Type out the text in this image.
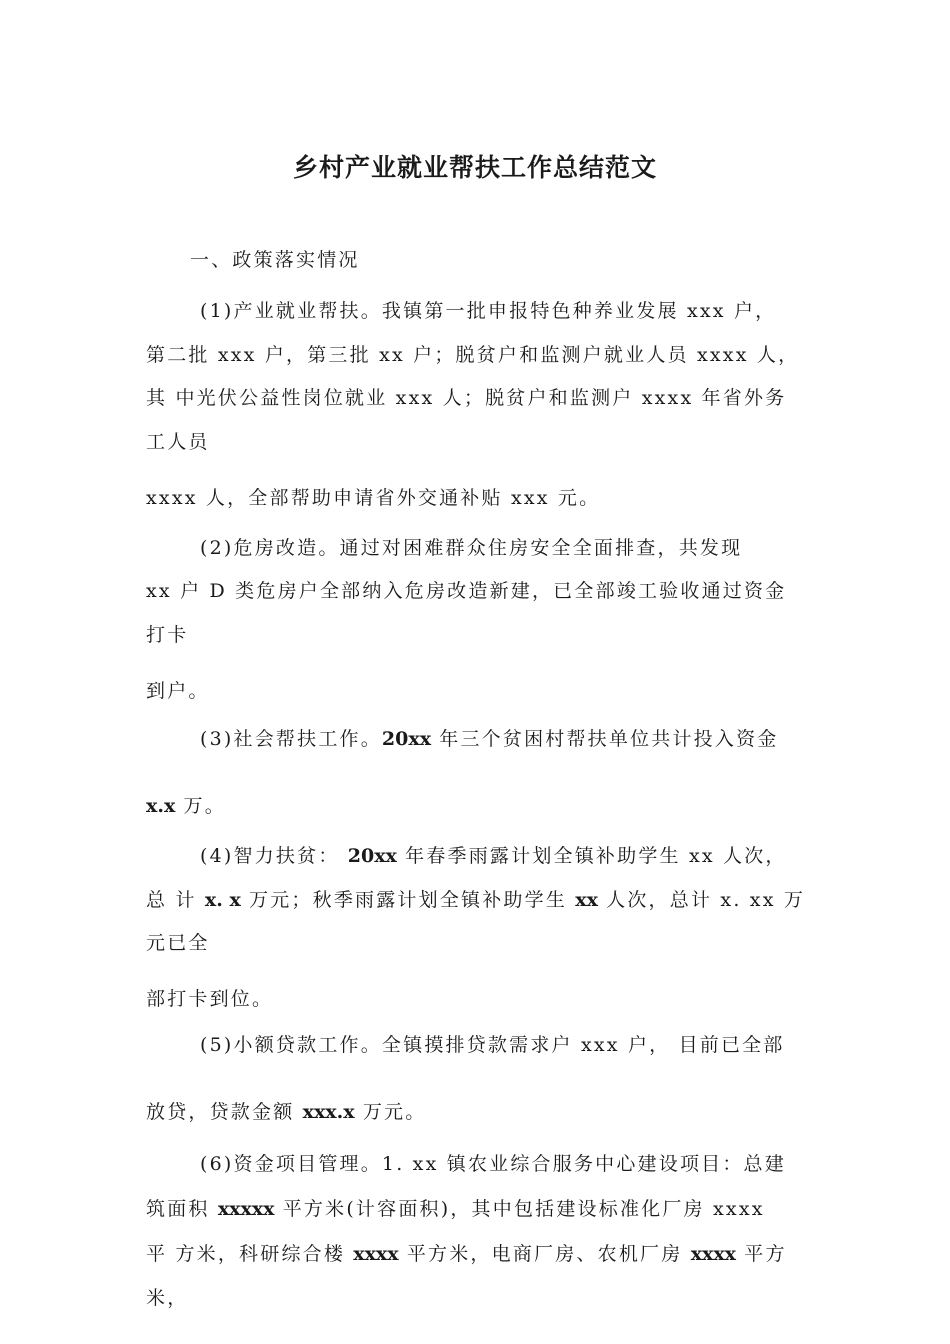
乡村产业就业帮扶工作总结范文
一、政策落实情况
(1)产业就业帮扶。我镇第一批申报特色种养业发展 xxx 户，
第二批 xxx 户，第三批 xx 户；脱贫户和监测户就业人员 xxxx 人，
其 中光伏公益性岗位就业 xxx 人；脱贫户和监测户 xxxx 年省外务
工人员
xxxx 人，全部帮助申请省外交通补贴 xxx 元。
(2)危房改造。通过对困难群众住房安全全面排查，共发现
xx 户 D 类危房户全部纳入危房改造新建，已全部竣工验收通过资金
打卡
到户。
(3)社会帮扶工作。20xx 年三个贫困村帮扶单位共计投入资金
x.x 万。
(4)智力扶贫： 20xx 年春季雨露计划全镇补助学生 xx 人次，
总 计 x. x 万元；秋季雨露计划全镇补助学生 xx 人次，总计 x. xx 万
元已全
部打卡到位。
(5)小额贷款工作。全镇摸排贷款需求户 xxx 户， 目前已全部
放贷，贷款金额 xxx.x 万元。
(6)资金项目管理。1. xx 镇农业综合服务中心建设项目：总建
筑面积 xxxxx 平方米(计容面积)，其中包括建设标准化厂房 xxxx
平 方米，科研综合楼 xxxx 平方米，电商厂房、农机厂房 xxxx 平方
米，
